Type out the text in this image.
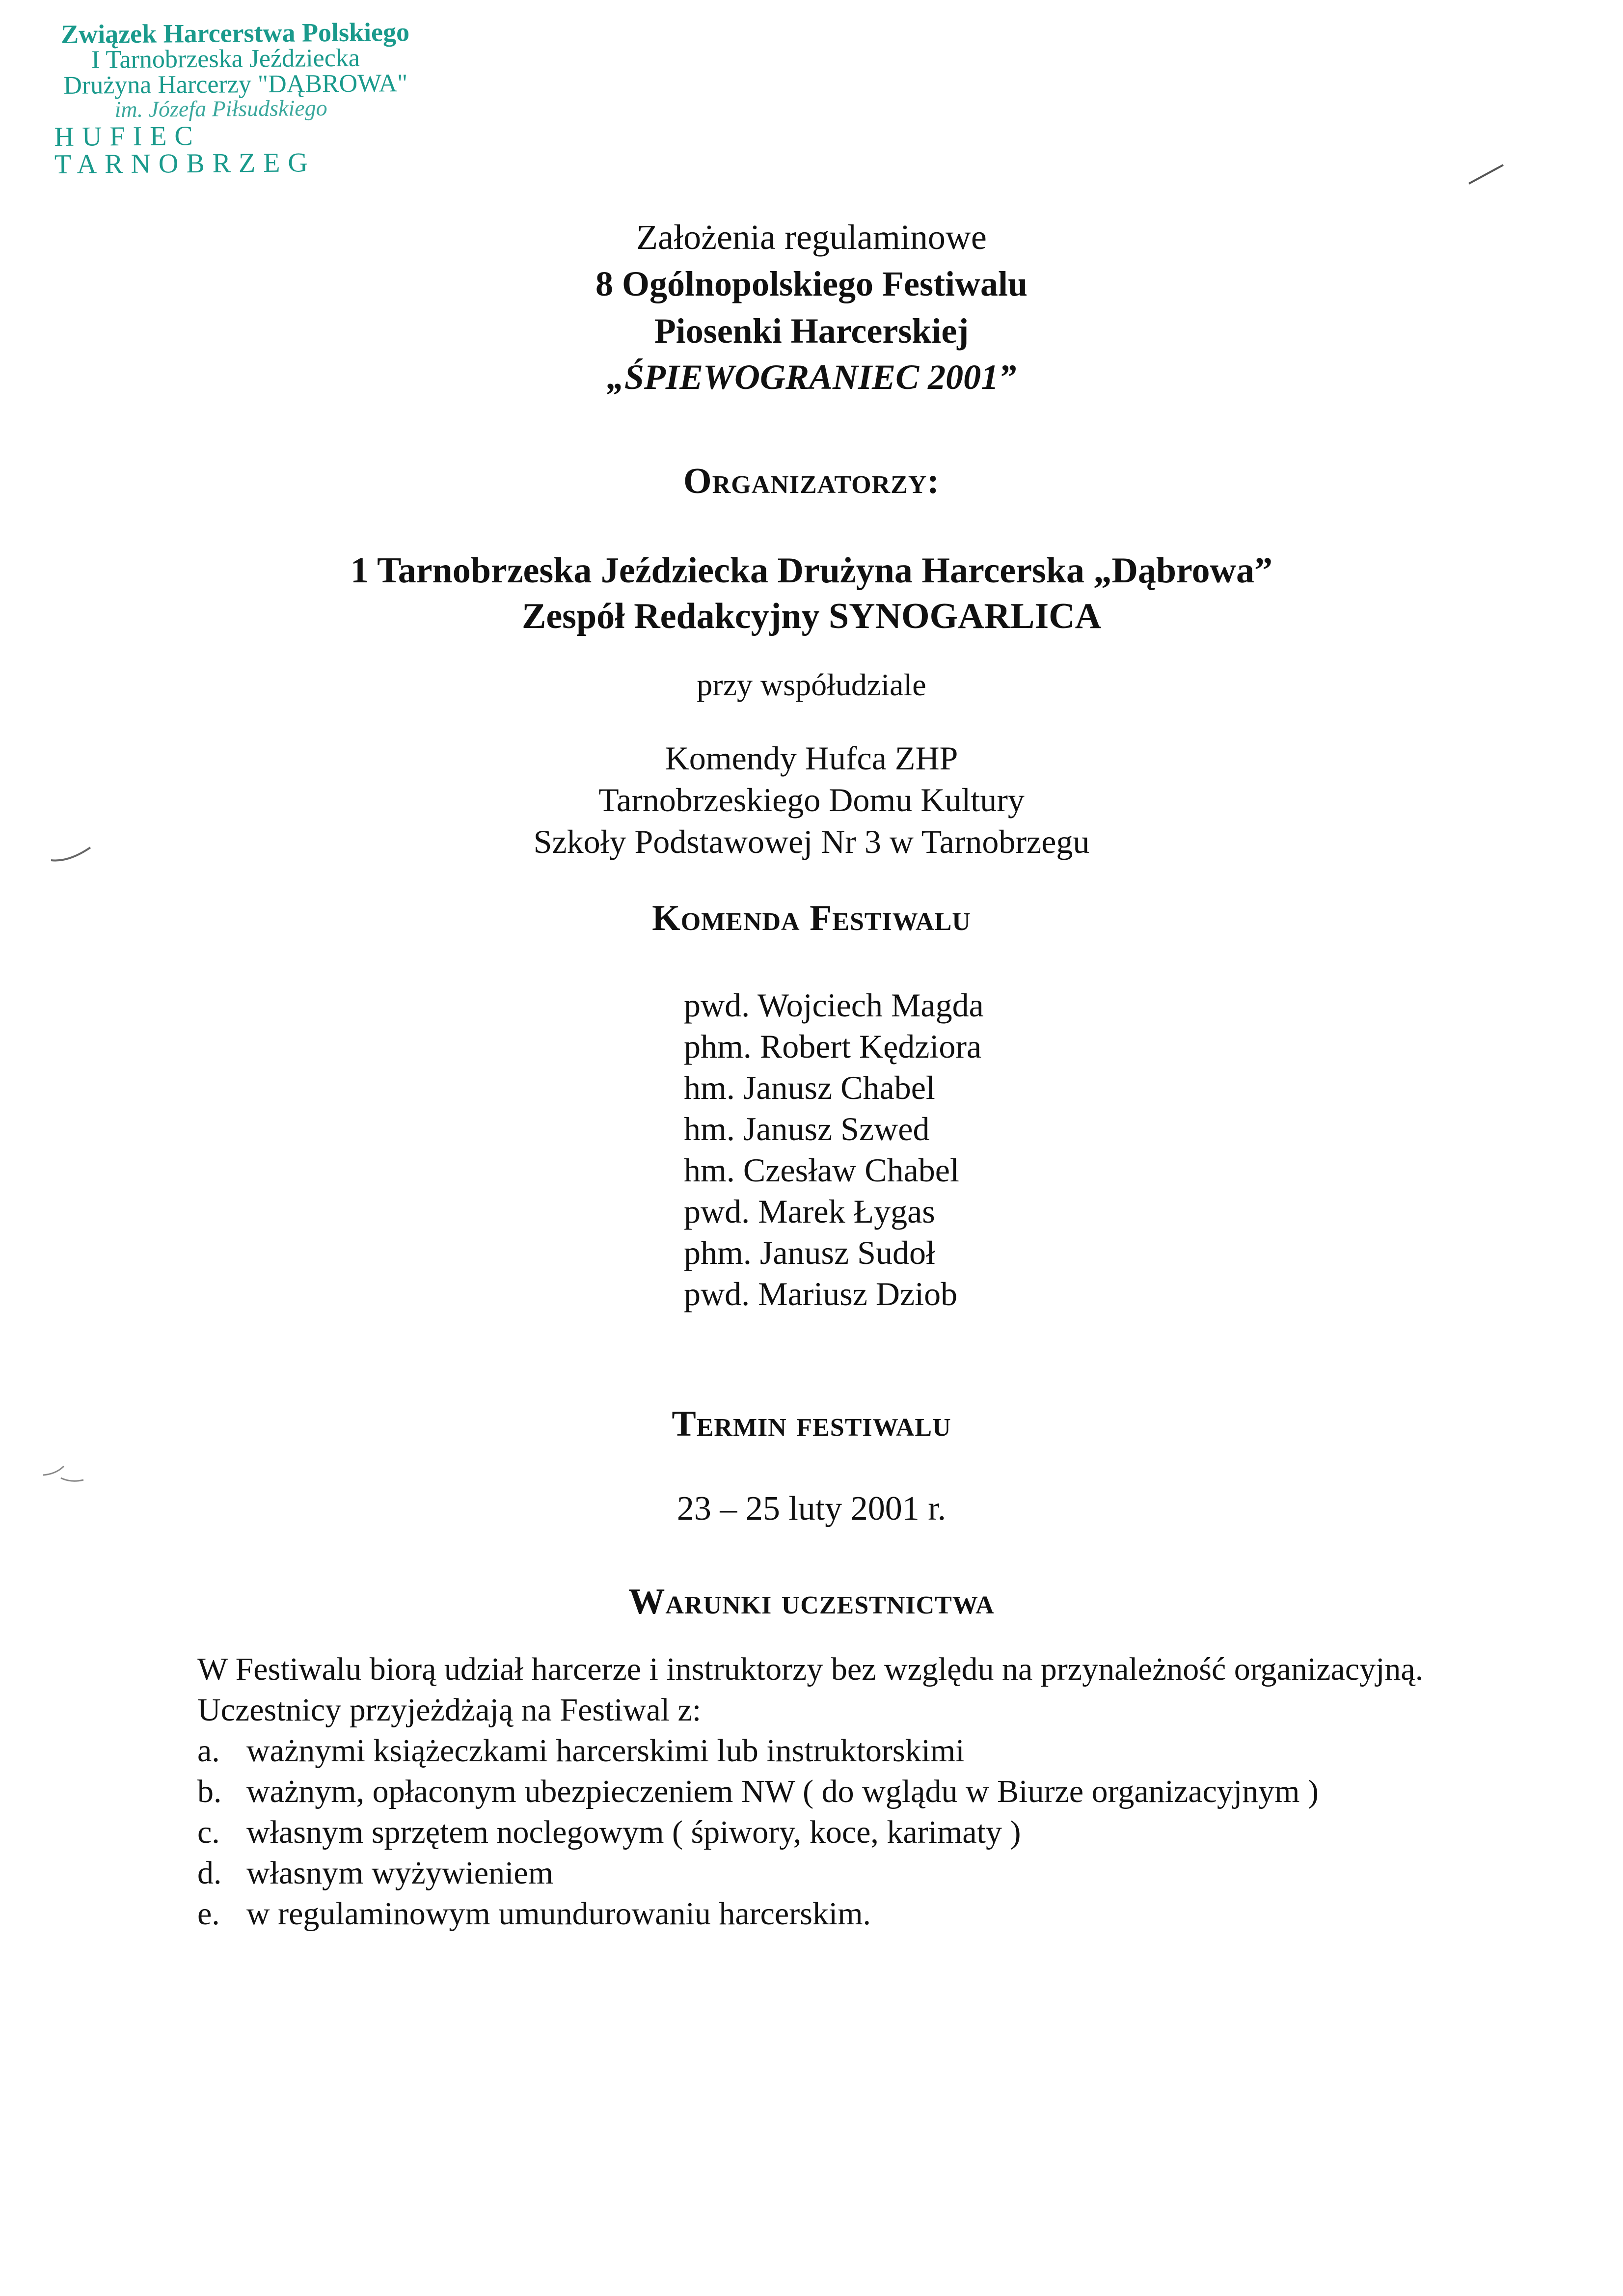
Związek Harcerstwa Polskiego
I Tarnobrzeska Jeździecka
Drużyna Harcerzy "DĄBROWA"
im. Józefa Piłsudskiego
HUFIEC TARNOBRZEG
Założenia regulaminowe
8 Ogólnopolskiego Festiwalu
Piosenki Harcerskiej
„ŚPIEWOGRANIEC 2001”
Organizatorzy:
1 Tarnobrzeska Jeździecka Drużyna Harcerska „Dąbrowa”
Zespół Redakcyjny SYNOGARLICA
przy współudziale
Komendy Hufca ZHP
Tarnobrzeskiego Domu Kultury
Szkoły Podstawowej Nr 3 w Tarnobrzegu
Komenda Festiwalu
pwd. Wojciech Magda
phm. Robert Kędziora
hm. Janusz Chabel
hm. Janusz Szwed
hm. Czesław Chabel
pwd. Marek Łygas
phm. Janusz Sudoł
pwd. Mariusz Dziob
Termin festiwalu
23 – 25 luty 2001 r.
Warunki uczestnictwa

W Festiwalu biorą udział harcerze i instruktorzy bez względu na przynależność organizacyjną.

Uczestnicy przyjeżdżają na Festiwal z:

a. ważnymi książeczkami harcerskimi lub instruktorskimi
b. ważnym, opłaconym ubezpieczeniem NW ( do wglądu w Biurze organizacyjnym )
c. własnym sprzętem noclegowym ( śpiwory, koce, karimaty )
d. własnym wyżywieniem
e. w regulaminowym umundurowaniu harcerskim.
